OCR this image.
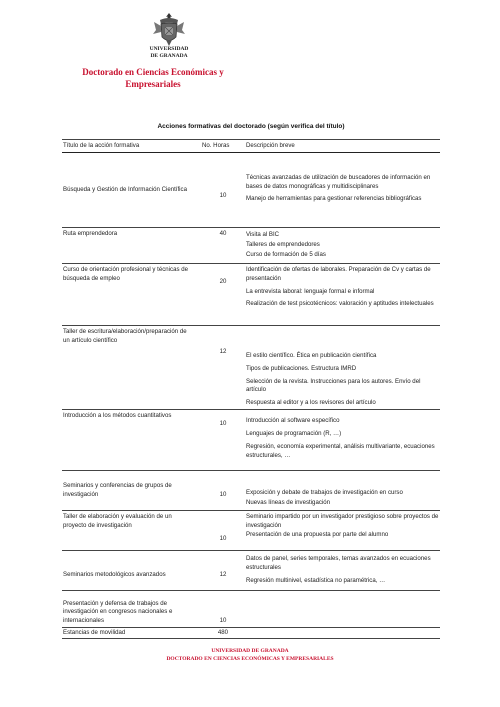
UNIVERSIDAD
DE GRANADA
Doctorado en Ciencias Económicas y Empresariales
Acciones formativas del doctorado (según verifica del título)
Título de la acción formativa	No. Horas	Descripción breve
Búsqueda y Gestión de Información Científica	10	Técnicas avanzadas de utilización de buscadores de información en bases de datos monográficas y multidisciplinares
Manejo de herramientas para gestionar referencias bibliográficas

Ruta emprendedora	40	Visita al BIC
Talleres de emprendedores
Curso de formación de 5 días

Curso de orientación profesional y técnicas de búsqueda de empleo	20	Identificación de ofertas de laborales. Preparación de Cv y cartas de presentación
La entrevista laboral: lenguaje formal e informal
Realización de test psicotécnicos: valoración y aptitudes intelectuales

Taller de escritura/elaboración/preparación de un artículo científico	12	El estilo científico. Ética en publicación científica
Tipos de publicaciones. Estructura IMRD
Selección de la revista. Instrucciones para los autores. Envío del artículo
Respuesta al editor y a los revisores del artículo

Introducción a los métodos cuantitativos	10	Introducción al software específico
Lenguajes de programación (R, …)
Regresión, economía experimental, análisis multivariante, ecuaciones estructurales, …

Seminarios y conferencias de grupos de investigación	10	Exposición y debate de trabajos de investigación en curso
Nuevas líneas de investigación

Taller de elaboración y evaluación de un proyecto de investigación	10	Seminario impartido por un investigador prestigioso sobre proyectos de investigación
Presentación de una propuesta por parte del alumno

Seminarios metodológicos avanzados	12	Datos de panel, series temporales, temas avanzados en ecuaciones estructurales
Regresión multinivel, estadística no paramétrica, …

Presentación y defensa de trabajos de investigación en congresos nacionales e internacionales	10	
Estancias de movilidad	480	
UNIVERSIDAD DE GRANADA
DOCTORADO EN CIENCIAS ECONÓMICAS Y EMPRESARIALES
